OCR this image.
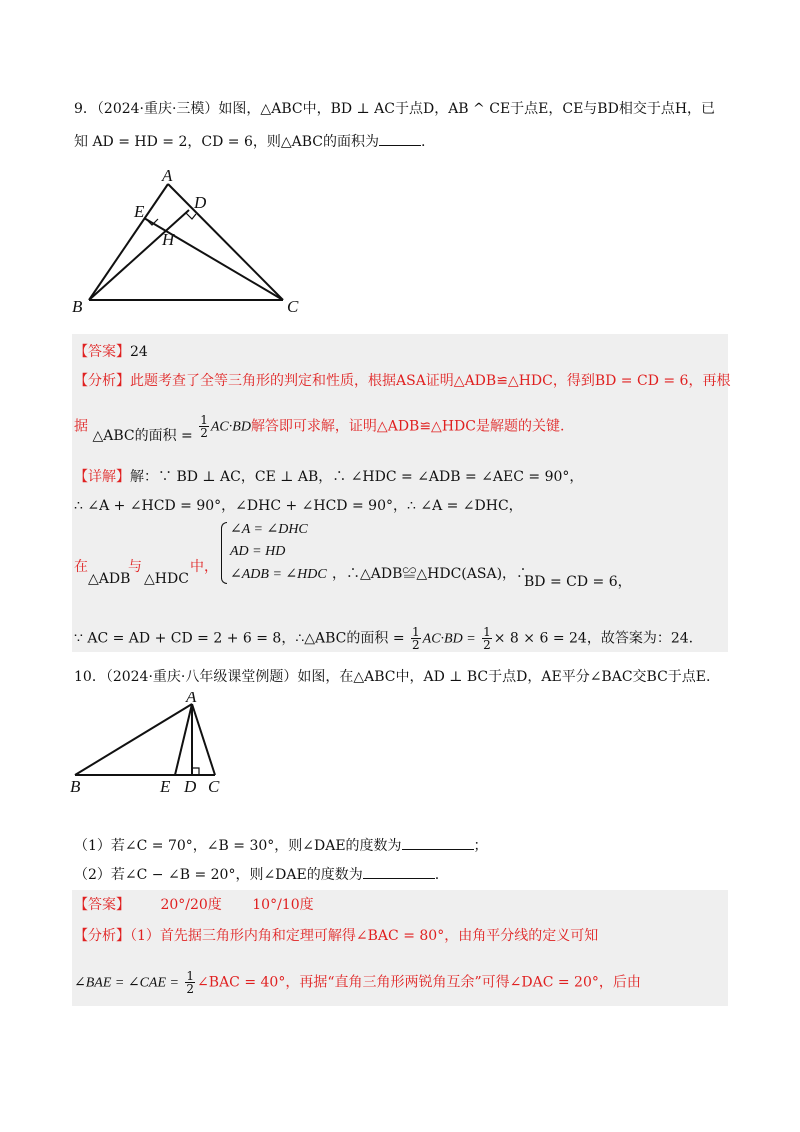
9．（2024·重庆·三模）如图，△ABC中，BD ⊥ AC于点D，AB ^ CE于点E，CE与BD相交于点H，已
知 AD = HD = 2，CD = 6，则△ABC的面积为	.
A
E	D
H
B	C
【答案】24
【分析】此题考查了全等三角形的判定和性质，根据ASA证明△ADB≌△HDC，得到BD = CD = 6，再根
据 △ABC的面积 = $\frac{1}{2} AC\cdot BD$解答即可求解，证明△ADB≌△HDC是解题的关键.
【详解】解：∵ BD ⊥ AC，CE ⊥ AB，∴ ∠HDC = ∠ADB = ∠AEC = 90°，
∴ ∠A + ∠HCD = 90°，∠DHC + ∠HCD = 90°，∴ ∠A = ∠DHC，
在
△ADB
与
△HDC
中，
∠A = ∠DHC
AD = HD
∠ADB = ∠HDC ，∴△ADB≌△HDC(ASA)，∴
BD = CD = 6，
∵ AC = AD + CD = 2 + 6 = 8，∴△ABC的面积 = $\frac{1}{2} AC\cdot BD = \frac{1}{2} \times 8 \times 6 = 24$，故答案为：24.
10．（2024·重庆·八年级课堂例题）如图，在△ABC中，AD ⊥ BC于点D，AE平分∠BAC交BC于点E.
A
B	E D C
（1）若∠C = 70°，∠B = 30°，则∠DAE的度数为	；
（2）若∠C − ∠B = 20°，则∠DAE的度数为	.
【答案】 20°/20度 10°/10度
【分析】（1）首先据三角形内角和定理可解得∠BAC = 80°，由角平分线的定义可知
∠BAE = ∠CAE = $\frac{1}{2}$ ∠BAC = 40°，再据“直角三角形两锐角互余”可得∠DAC = 20°，后由
